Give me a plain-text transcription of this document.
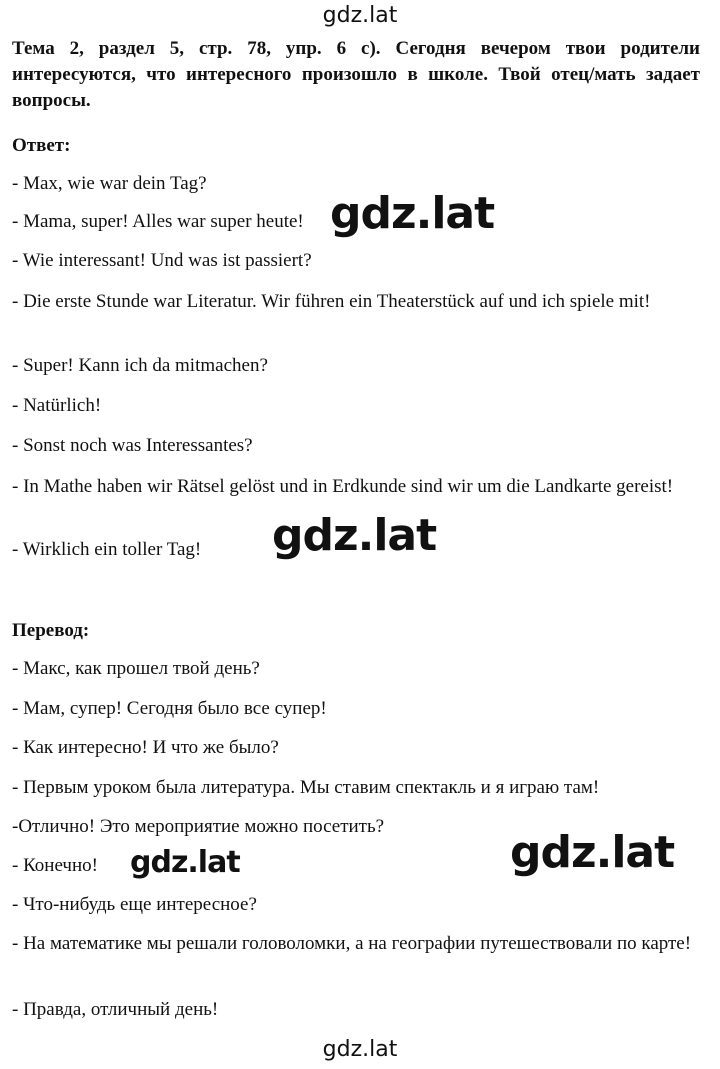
gdz.lat

Тема 2, раздел 5, стр. 78, упр. 6 с). Сегодня вечером твои родители интересуются, что интересного произошло в школе. Твой отец/мать задает вопросы.

Ответ:

- Max, wie war dein Tag?

- Mama, super! Alles war super heute!

- Wie interessant! Und was ist passiert?

- Die erste Stunde war Literatur. Wir führen ein Theaterstück auf und ich spiele mit!

- Super! Kann ich da mitmachen?

- Natürlich!

- Sonst noch was Interessantes?

- In Mathe haben wir Rätsel gelöst und in Erdkunde sind wir um die Landkarte gereist!

- Wirklich ein toller Tag!

Перевод:

- Макс, как прошел твой день?

- Мам, супер! Сегодня было все супер!

- Как интересно! И что же было?

- Первым уроком была литература. Мы ставим спектакль и я играю там!

-Отлично! Это мероприятие можно посетить?

- Конечно!

- Что-нибудь еще интересное?

- На математике мы решали головоломки, а на географии путешествовали по карте!

- Правда, отличный день!

gdz.lat
gdz.lat
gdz.lat	gdz.lat
gdz.lat
